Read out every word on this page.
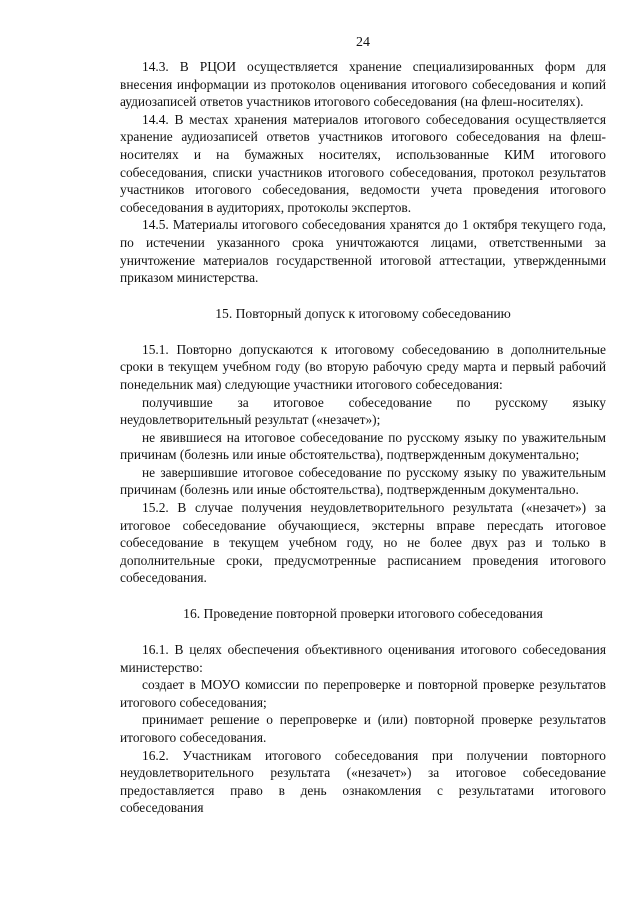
24

14.3. В РЦОИ осуществляется хранение специализированных форм для внесения информации из протоколов оценивания итогового собеседования и копий аудиозаписей ответов участников итогового собеседования (на флеш-носителях).

14.4. В местах хранения материалов итогового собеседования осуществляется хранение аудиозаписей ответов участников итогового собеседования на флеш-носителях и на бумажных носителях, использованные КИМ итогового собеседования, списки участников итогового собеседования, протокол результатов участников итогового собеседования, ведомости учета проведения итогового собеседования в аудиториях, протоколы экспертов.

14.5. Материалы итогового собеседования хранятся до 1 октября текущего года, по истечении указанного срока уничтожаются лицами, ответственными за уничтожение материалов государственной итоговой аттестации, утвержденными приказом министерства.

15. Повторный допуск к итоговому собеседованию

15.1. Повторно допускаются к итоговому собеседованию в дополнительные сроки в текущем учебном году (во вторую рабочую среду марта и первый рабочий понедельник мая) следующие участники итогового собеседования:

получившие за итоговое собеседование по русскому языку неудовлетворительный результат («незачет»);

не явившиеся на итоговое собеседование по русскому языку по уважительным причинам (болезнь или иные обстоятельства), подтвержденным документально;

не завершившие итоговое собеседование по русскому языку по уважительным причинам (болезнь или иные обстоятельства), подтвержденным документально.

15.2. В случае получения неудовлетворительного результата («незачет») за итоговое собеседование обучающиеся, экстерны вправе пересдать итоговое собеседование в текущем учебном году, но не более двух раз и только в дополнительные сроки, предусмотренные расписанием проведения итогового собеседования.

16. Проведение повторной проверки итогового собеседования

16.1. В целях обеспечения объективного оценивания итогового собеседования министерство:

создает в МОУО комиссии по перепроверке и повторной проверке результатов итогового собеседования;

принимает решение о перепроверке и (или) повторной проверке результатов итогового собеседования.

16.2. Участникам итогового собеседования при получении повторного неудовлетворительного результата («незачет») за итоговое собеседование предоставляется право в день ознакомления с результатами итогового собеседования
